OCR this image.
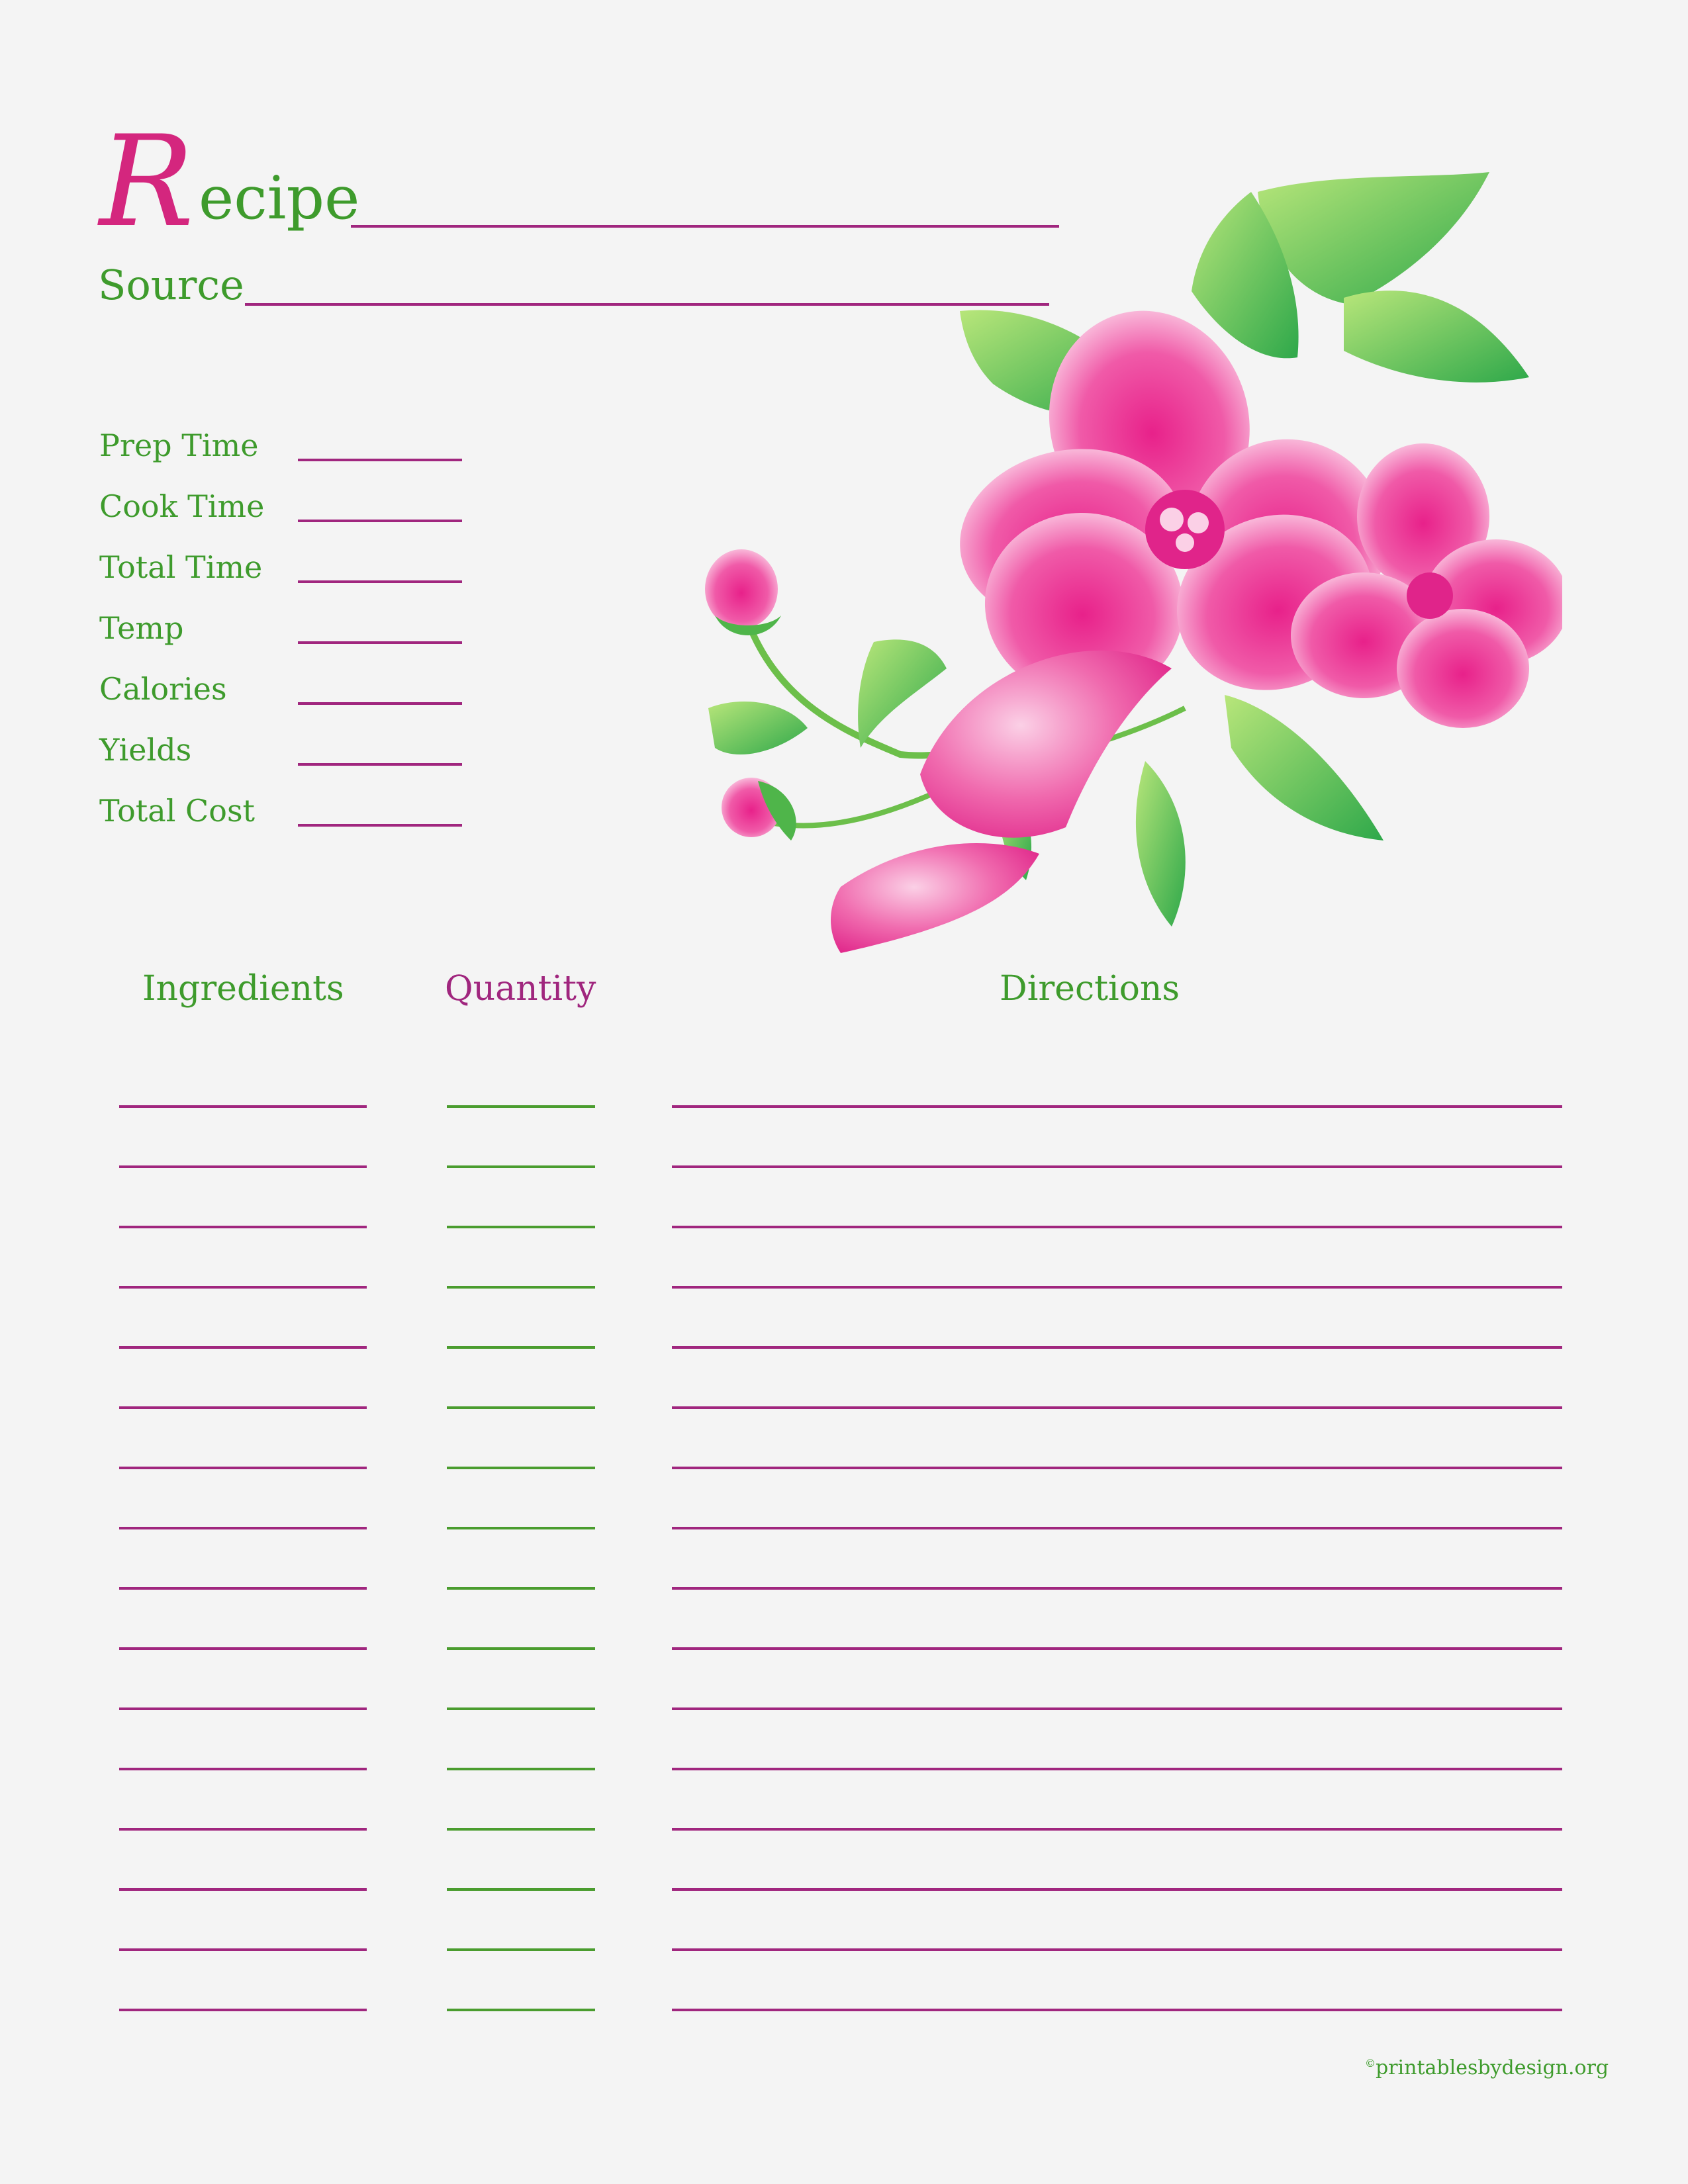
R ecipe
Source
Prep Time
Cook Time
Total Time
Temp
Calories
Yields
Total Cost
Ingredients	Quantity	Directions
©printablesbydesign.org
